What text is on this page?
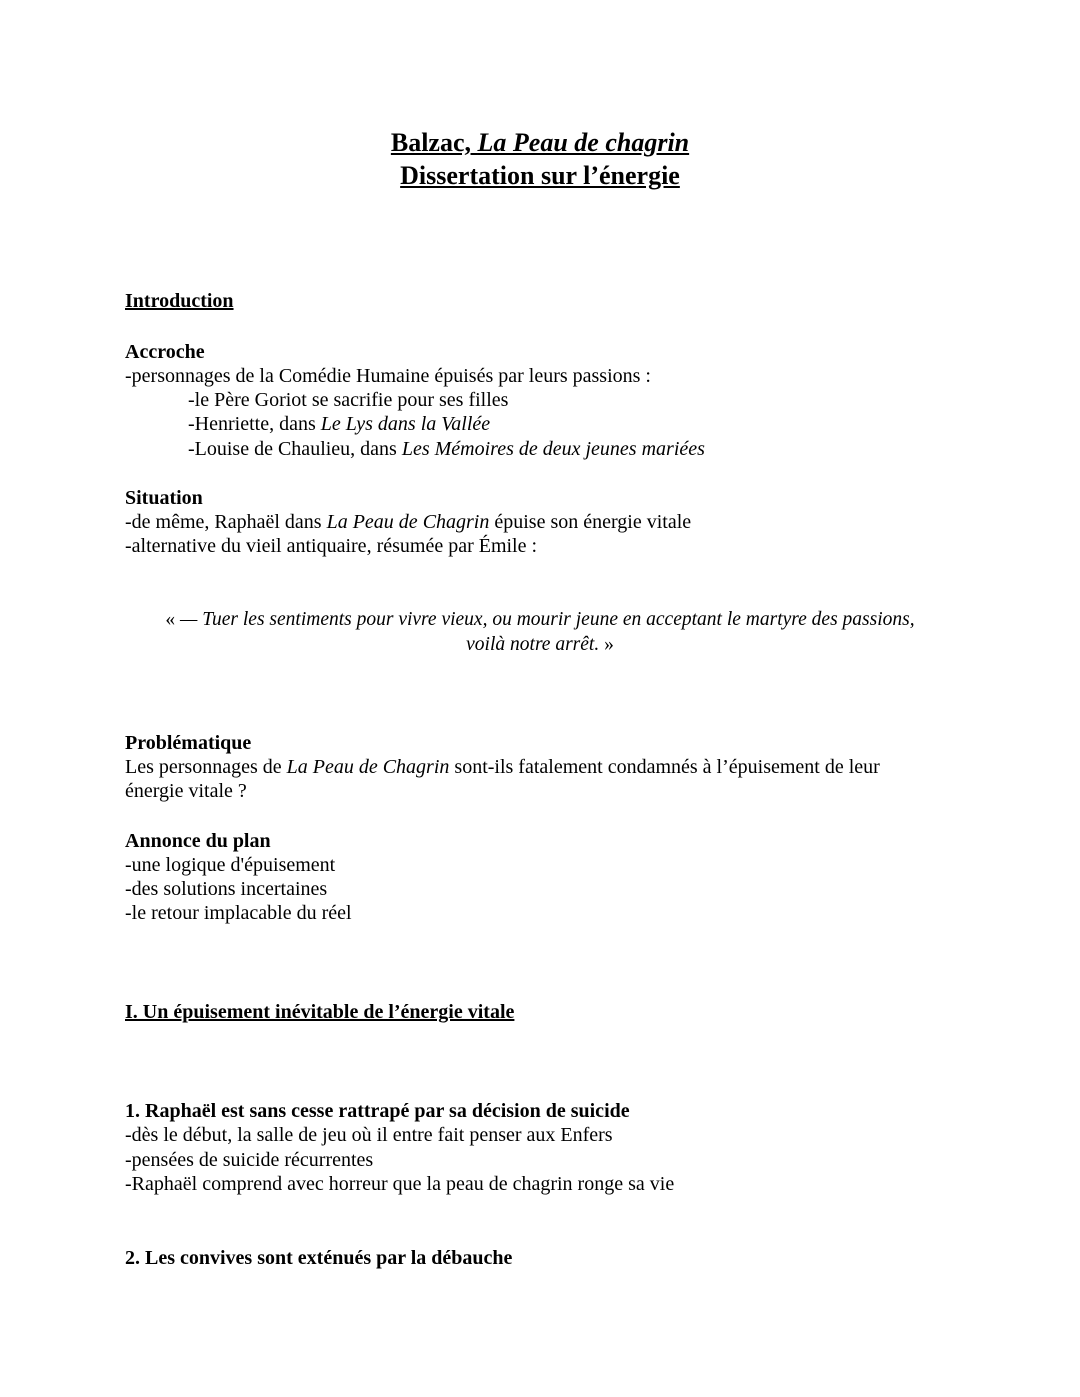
Balzac, La Peau de chagrin
Dissertation sur l’énergie
Introduction
Accroche
-personnages de la Comédie Humaine épuisés par leurs passions :
-le Père Goriot se sacrifie pour ses filles
-Henriette, dans Le Lys dans la Vallée
-Louise de Chaulieu, dans Les Mémoires de deux jeunes mariées
Situation
-de même, Raphaël dans La Peau de Chagrin épuise son énergie vitale
-alternative du vieil antiquaire, résumée par Émile :
« — Tuer les sentiments pour vivre vieux, ou mourir jeune en acceptant le martyre des passions,
voilà notre arrêt. »
Problématique
Les personnages de La Peau de Chagrin sont-ils fatalement condamnés à l’épuisement de leur
énergie vitale ?
Annonce du plan
-une logique d'épuisement
-des solutions incertaines
-le retour implacable du réel
I. Un épuisement inévitable de l’énergie vitale
1. Raphaël est sans cesse rattrapé par sa décision de suicide
-dès le début, la salle de jeu où il entre fait penser aux Enfers
-pensées de suicide récurrentes
-Raphaël comprend avec horreur que la peau de chagrin ronge sa vie
2. Les convives sont exténués par la débauche
